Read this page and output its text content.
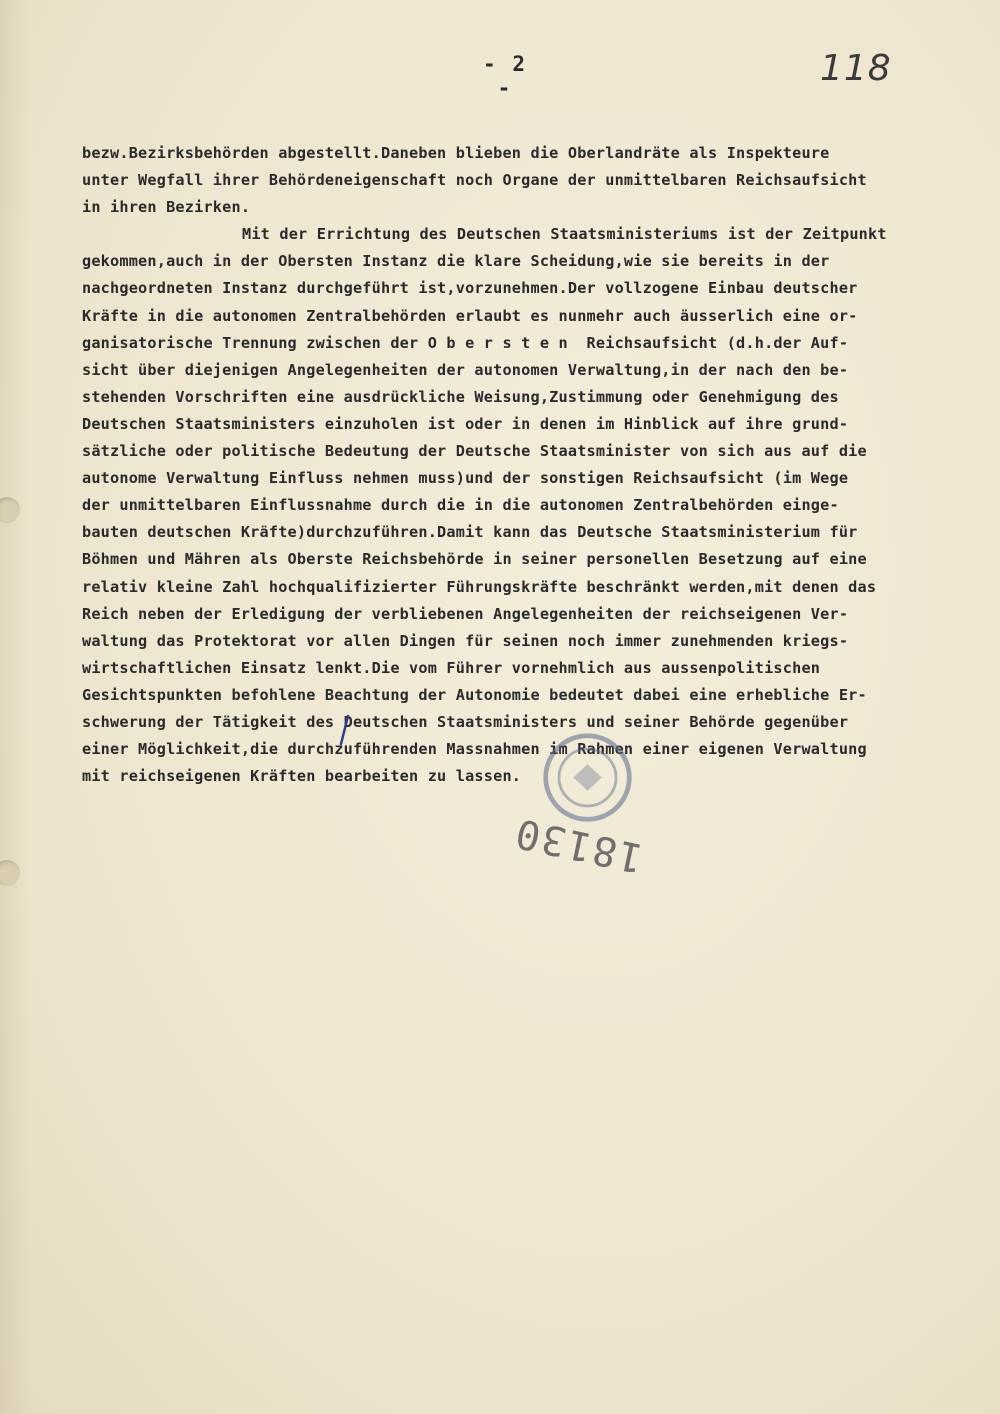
- 2 -	118
bezw.Bezirksbehörden abgestellt.Daneben blieben die Oberlandräte als Inspekteure
unter Wegfall ihrer Behördeneigenschaft noch Organe der unmittelbaren Reichsaufsicht
in ihren Bezirken.
Mit der Errichtung des Deutschen Staatsministeriums ist der Zeitpunkt
gekommen,auch in der Obersten Instanz die klare Scheidung,wie sie bereits in der
nachgeordneten Instanz durchgeführt ist,vorzunehmen.Der vollzogene Einbau deutscher
Kräfte in die autonomen Zentralbehörden erlaubt es nunmehr auch äusserlich eine or-
ganisatorische Trennung zwischen der O b e r s t e n  Reichsaufsicht (d.h.der Auf-
sicht über diejenigen Angelegenheiten der autonomen Verwaltung,in der nach den be-
stehenden Vorschriften eine ausdrückliche Weisung,Zustimmung oder Genehmigung des
Deutschen Staatsministers einzuholen ist oder in denen im Hinblick auf ihre grund-
sätzliche oder politische Bedeutung der Deutsche Staatsminister von sich aus auf die
autonome Verwaltung Einfluss nehmen muss)und der sonstigen Reichsaufsicht (im Wege
der unmittelbaren Einflussnahme durch die in die autonomen Zentralbehörden einge-
bauten deutschen Kräfte)durchzuführen.Damit kann das Deutsche Staatsministerium für
Böhmen und Mähren als Oberste Reichsbehörde in seiner personellen Besetzung auf eine
relativ kleine Zahl hochqualifizierter Führungskräfte beschränkt werden,mit denen das
Reich neben der Erledigung der verbliebenen Angelegenheiten der reichseigenen Ver-
waltung das Protektorat vor allen Dingen für seinen noch immer zunehmenden kriegs-
wirtschaftlichen Einsatz lenkt.Die vom Führer vornehmlich aus aussenpolitischen
Gesichtspunkten befohlene Beachtung der Autonomie bedeutet dabei eine erhebliche Er-
schwerung der Tätigkeit des Deutschen Staatsministers und seiner Behörde gegenüber
einer Möglichkeit,die durchzuführenden Massnahmen im Rahmen einer eigenen Verwaltung
mit reichseigenen Kräften bearbeiten zu lassen.
18130
